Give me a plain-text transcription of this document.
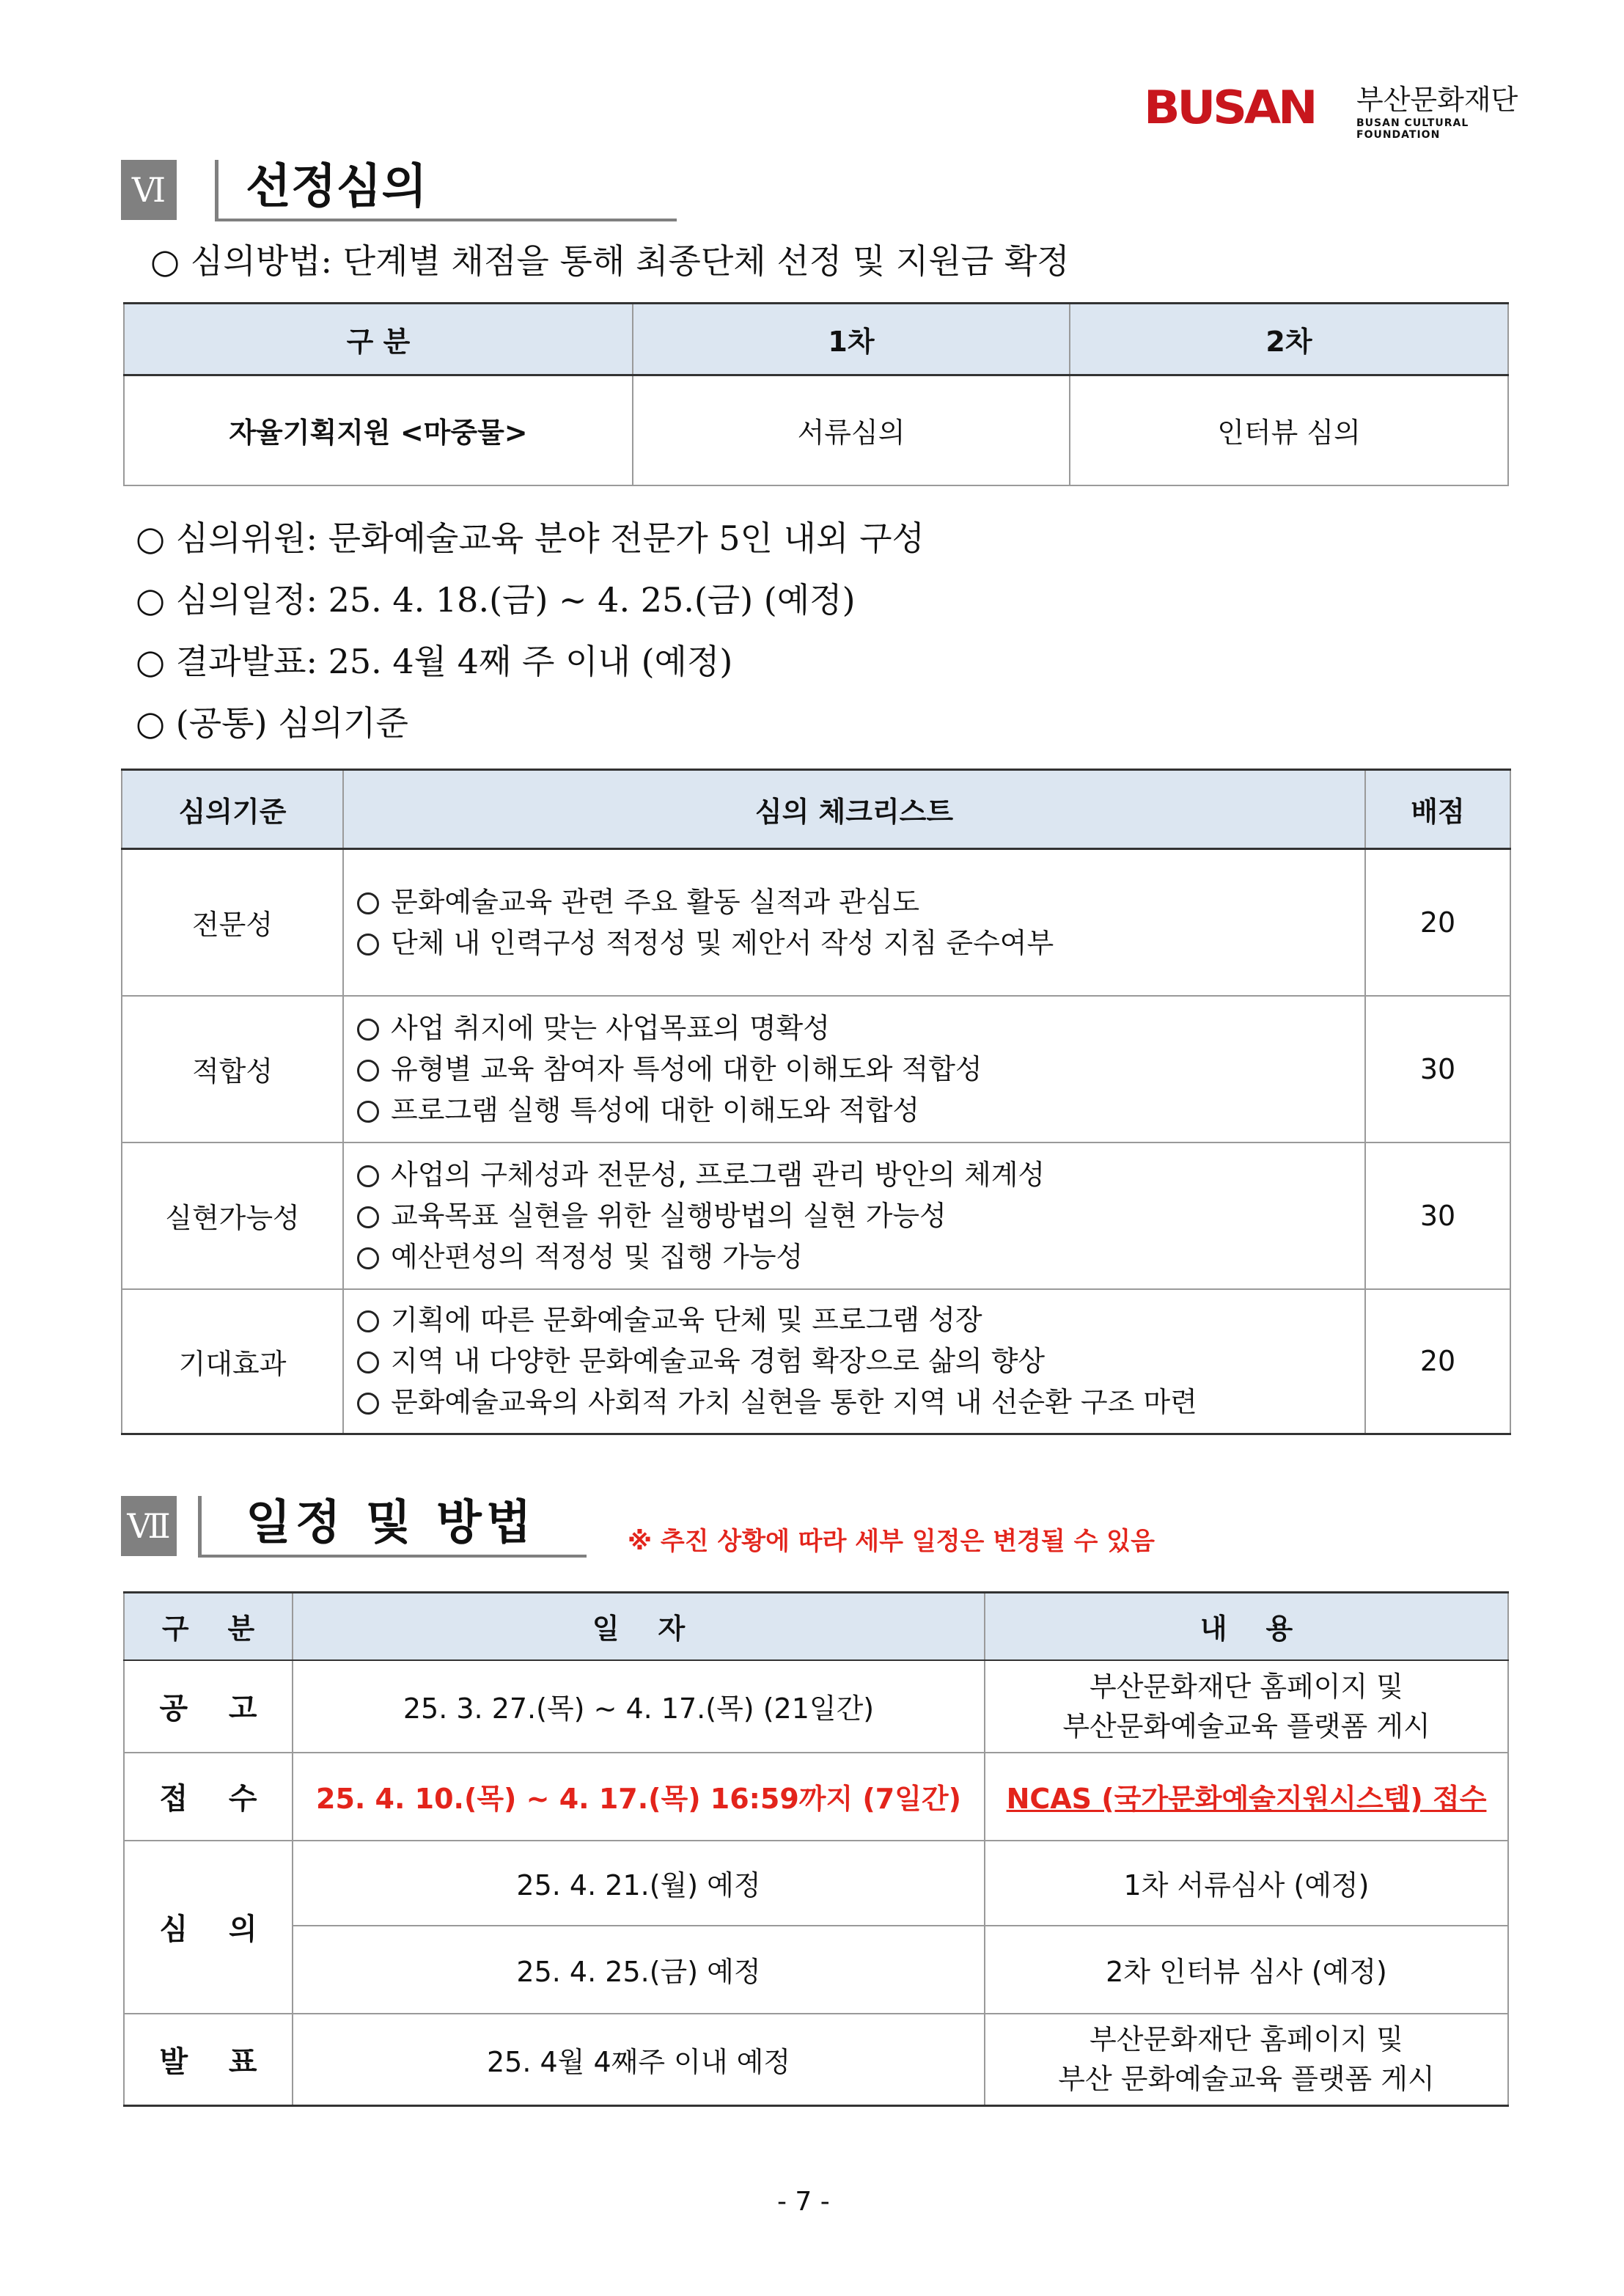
BUSAN 부산문화재단
BUSAN CULTURAL FOUNDATION
Ⅵ 선정심의
○ 심의방법: 단계별 채점을 통해 최종단체 선정 및 지원금 확정
구 분	1차	2차
자율기획지원 <마중물>	서류심의	인터뷰 심의
○ 심의위원: 문화예술교육 분야 전문가 5인 내외 구성
○ 심의일정: 25. 4. 18.(금) ~ 4. 25.(금) (예정)
○ 결과발표: 25. 4월 4째 주 이내 (예정)
○ (공통) 심의기준
심의기준	심의 체크리스트	배점
전문성	문화예술교육 관련 주요 활동 실적과 관심도
단체 내 인력구성 적정성 및 제안서 작성 지침 준수여부	20
적합성	사업 취지에 맞는 사업목표의 명확성
유형별 교육 참여자 특성에 대한 이해도와 적합성
프로그램 실행 특성에 대한 이해도와 적합성	30
실현가능성	사업의 구체성과 전문성, 프로그램 관리 방안의 체계성
교육목표 실현을 위한 실행방법의 실현 가능성
예산편성의 적정성 및 집행 가능성	30
기대효과	기획에 따른 문화예술교육 단체 및 프로그램 성장
지역 내 다양한 문화예술교육 경험 확장으로 삶의 향상
문화예술교육의 사회적 가치 실현을 통한 지역 내 선순환 구조 마련	20
Ⅶ 일정 및 방법	※ 추진 상황에 따라 세부 일정은 변경될 수 있음
구    분	일    자	내    용
공    고	25. 3. 27.(목) ~ 4. 17.(목) (21일간)	부산문화재단 홈페이지 및
부산문화예술교육 플랫폼 게시

접    수	25. 4. 10.(목) ~ 4. 17.(목) 16:59까지 (7일간)	NCAS (국가문화예술지원시스템) 접수
심    의	25. 4. 21.(월) 예정	1차 서류심사 (예정)
	25. 4. 25.(금) 예정	2차 인터뷰 심사 (예정)
발    표	25. 4월 4째주 이내 예정	부산문화재단 홈페이지 및
부산 문화예술교육 플랫폼 게시
- 7 -
